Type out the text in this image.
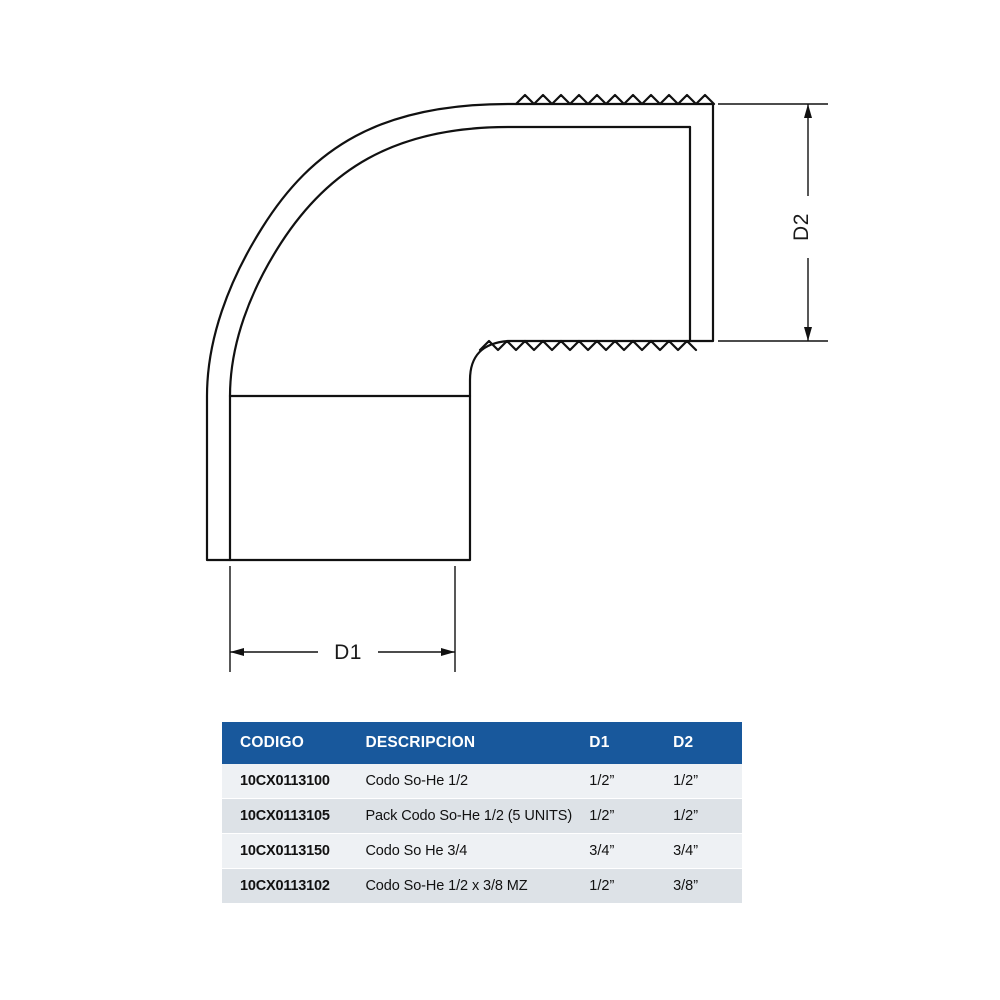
D2
D1
CODIGO	DESCRIPCION	D1	D2
10CX0113100	Codo So-He 1/2	1/2”	1/2”
10CX0113105	Pack Codo So-He 1/2 (5 UNITS)	1/2”	1/2”
10CX0113150	Codo So He 3/4	3/4”	3/4”
10CX0113102	Codo So-He 1/2 x 3/8 MZ	1/2”	3/8”
